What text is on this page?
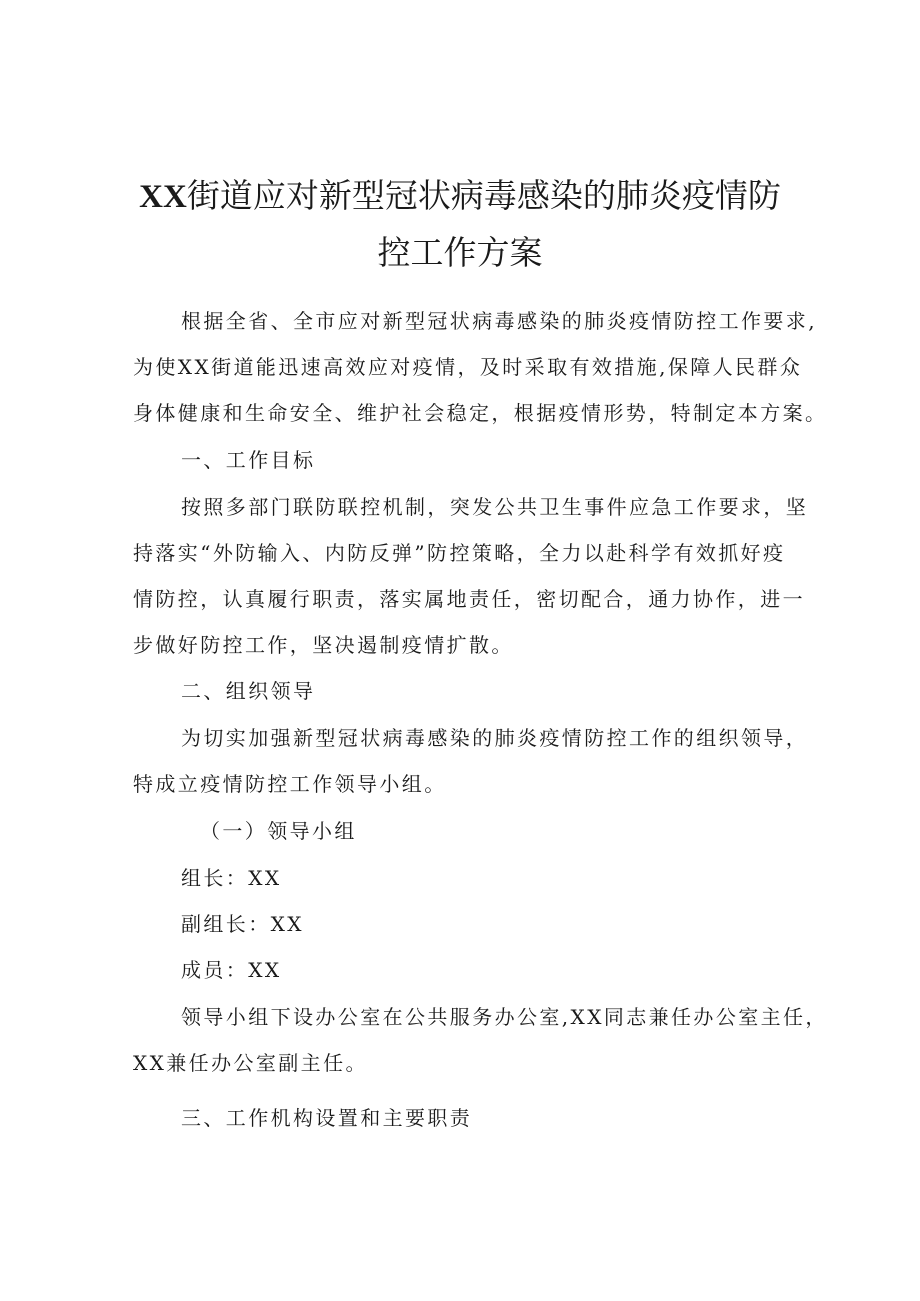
XX街道应对新型冠状病毒感染的肺炎疫情防
控工作方案

根据全省、全市应对新型冠状病毒感染的肺炎疫情防控工作要求,

为使XX街道能迅速高效应对疫情，及时采取有效措施,保障人民群众

身体健康和生命安全、维护社会稳定，根据疫情形势，特制定本方案。

一、工作目标

按照多部门联防联控机制，突发公共卫生事件应急工作要求，坚

持落实“外防输入、内防反弹”防控策略，全力以赴科学有效抓好疫

情防控，认真履行职责，落实属地责任，密切配合，通力协作，进一

步做好防控工作，坚决遏制疫情扩散。

二、组织领导

为切实加强新型冠状病毒感染的肺炎疫情防控工作的组织领导，

特成立疫情防控工作领导小组。

（一）领导小组

组长：XX

副组长：XX

成员：XX

领导小组下设办公室在公共服务办公室,XX同志兼任办公室主任，

XX兼任办公室副主任。

三、工作机构设置和主要职责
